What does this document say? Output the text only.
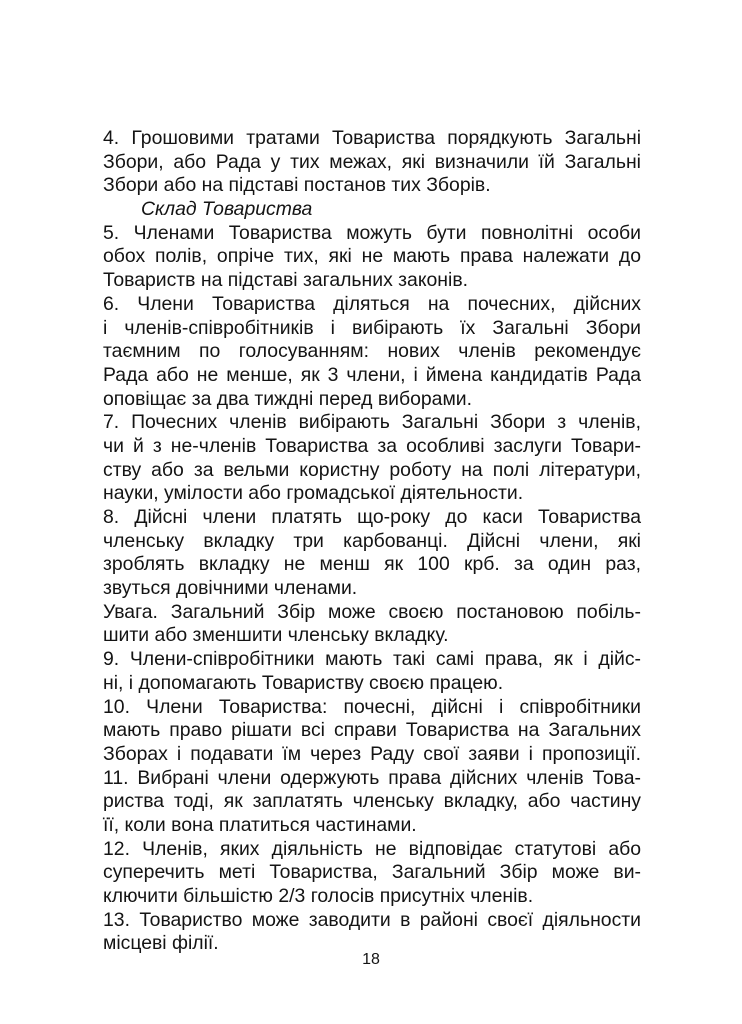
4. Грошовими тратами Товариства порядкують Загальні
Збори, або Рада у тих межах, які визначили їй Загальні
Збори або на підставі постанов тих Зборів.
Склад Товариства
5. Членами Товариства можуть бути повнолітні особи
обох полів, опріче тих, які не мають права належати до
Товариств на підставі загальних законів.
6. Члени Товариства діляться на почесних, дійсних
і членів-співробітників і вибірають їх Загальні Збори
таємним по голосуванням: нових членів рекомендує
Рада або не менше, як 3 члени, і ймена кандидатів Рада
оповіщає за два тиждні перед виборами.
7. Почесних членів вибірають Загальні Збори з членів,
чи й з не-членів Товариства за особливі заслуги Товари-
ству або за вельми користну роботу на полі літератури,
науки, умілости або громадської діятельности.
8. Дійсні члени платять що-року до каси Товариства
членську вкладку три карбованці. Дійсні члени, які
зроблять вкладку не менш як 100 крб. за один раз,
звуться довічними членами.
Увага. Загальний Збір може своєю постановою побіль-
шити або зменшити членську вкладку.
9. Члени-співробітники мають такі самі права, як і дійс-
ні, і допомагають Товариству своєю працею.
10. Члени Товариства: почесні, дійсні і співробітники
мають право рішати всі справи Товариства на Загальних
Зборах і подавати їм через Раду свої заяви і пропозиції.
11. Вибрані члени одержують права дійсних членів Това-
риства тоді, як заплатять членську вкладку, або частину
її, коли вона платиться частинами.
12. Членів, яких діяльність не відповідає статутові або
суперечить меті Товариства, Загальний Збір може ви-
ключити більшістю 2/3 голосів присутніх членів.
13. Товариство може заводити в районі своєї діяльности
місцеві філії.
18
